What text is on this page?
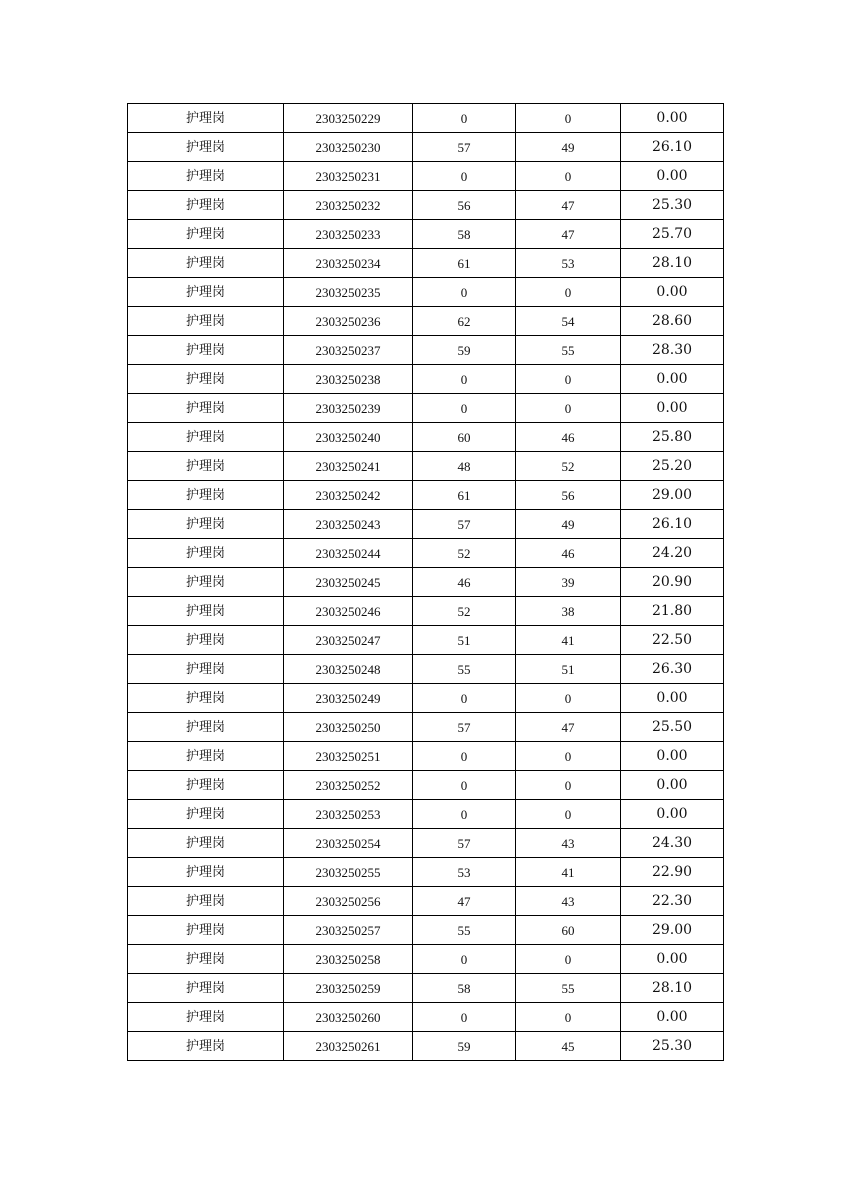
护理岗	2303250229	0	0	0.00
护理岗	2303250230	57	49	26.10
护理岗	2303250231	0	0	0.00
护理岗	2303250232	56	47	25.30
护理岗	2303250233	58	47	25.70
护理岗	2303250234	61	53	28.10
护理岗	2303250235	0	0	0.00
护理岗	2303250236	62	54	28.60
护理岗	2303250237	59	55	28.30
护理岗	2303250238	0	0	0.00
护理岗	2303250239	0	0	0.00
护理岗	2303250240	60	46	25.80
护理岗	2303250241	48	52	25.20
护理岗	2303250242	61	56	29.00
护理岗	2303250243	57	49	26.10
护理岗	2303250244	52	46	24.20
护理岗	2303250245	46	39	20.90
护理岗	2303250246	52	38	21.80
护理岗	2303250247	51	41	22.50
护理岗	2303250248	55	51	26.30
护理岗	2303250249	0	0	0.00
护理岗	2303250250	57	47	25.50
护理岗	2303250251	0	0	0.00
护理岗	2303250252	0	0	0.00
护理岗	2303250253	0	0	0.00
护理岗	2303250254	57	43	24.30
护理岗	2303250255	53	41	22.90
护理岗	2303250256	47	43	22.30
护理岗	2303250257	55	60	29.00
护理岗	2303250258	0	0	0.00
护理岗	2303250259	58	55	28.10
护理岗	2303250260	0	0	0.00
护理岗	2303250261	59	45	25.30
